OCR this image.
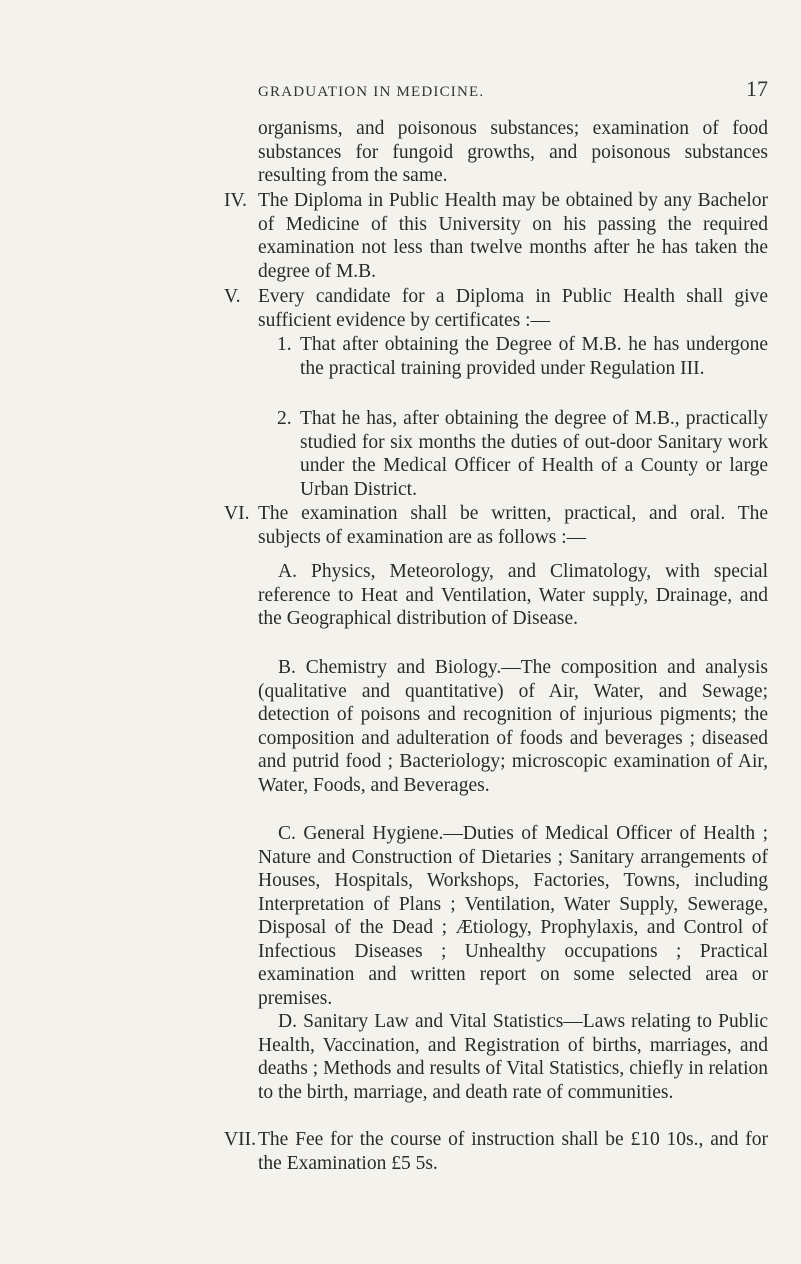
GRADUATION IN MEDICINE.	17
organisms, and poisonous substances; examination of food substances for fungoid growths, and poisonous substances resulting from the same.
IV. The Diploma in Public Health may be obtained by any Bachelor of Medicine of this University on his passing the required examination not less than twelve months after he has taken the degree of M.B.
V. Every candidate for a Diploma in Public Health shall give sufficient evidence by certificates :—
1. That after obtaining the Degree of M.B. he has undergone the practical training provided under Regulation III.
2. That he has, after obtaining the degree of M.B., practically studied for six months the duties of out-door Sanitary work under the Medical Officer of Health of a County or large Urban District.
VI. The examination shall be written, practical, and oral. The subjects of examination are as follows :—
A. Physics, Meteorology, and Climatology, with special reference to Heat and Ventilation, Water supply, Drainage, and the Geographical distribution of Disease.
B. Chemistry and Biology.—The composition and analysis (qualitative and quantitative) of Air, Water, and Sewage; detection of poisons and recognition of injurious pigments; the composition and adulteration of foods and beverages ; diseased and putrid food ; Bacteriology; microscopic examination of Air, Water, Foods, and Beverages.
C. General Hygiene.—Duties of Medical Officer of Health ; Nature and Construction of Dietaries ; Sanitary arrangements of Houses, Hospitals, Workshops, Factories, Towns, including Interpretation of Plans ; Ventilation, Water Supply, Sewerage, Disposal of the Dead ; Ætiology, Prophylaxis, and Control of Infectious Diseases ; Unhealthy occupations ; Practical examination and written report on some selected area or premises.
D. Sanitary Law and Vital Statistics—Laws relating to Public Health, Vaccination, and Registration of births, marriages, and deaths ; Methods and results of Vital Statistics, chiefly in relation to the birth, marriage, and death rate of communities.
VII. The Fee for the course of instruction shall be £10 10s., and for the Examination £5 5s.
